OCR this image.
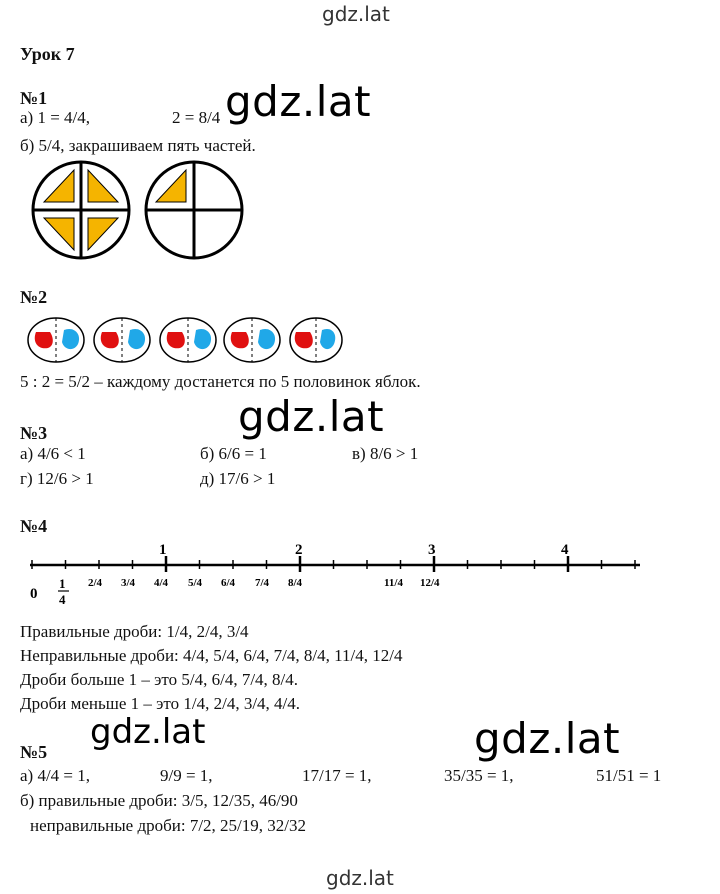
gdz.lat
gdz.lat
gdz.lat
gdz.lat	gdz.lat
gdz.lat
Урок 7
№1
а) 1 = 4/4,	2 = 8/4
б) 5/4, закрашиваем пять частей.
№2
5 : 2 = 5/2 – каждому достанется по 5 половинок яблок.
№3
а) 4/6 < 1	б) 6/6 = 1	в) 8/6 > 1
г) 12/6 > 1	д) 17/6 > 1
№4
0
1
4
1	2	3	4
2/4 3/4 4/4 5/4 6/4 7/4 8/4	11/4 12/4
Правильные дроби: 1/4, 2/4, 3/4
Неправильные дроби: 4/4, 5/4, 6/4, 7/4, 8/4, 11/4, 12/4
Дроби больше 1 – это 5/4, 6/4, 7/4, 8/4.
Дроби меньше 1 – это 1/4, 2/4, 3/4, 4/4.
№5
а) 4/4 = 1,	9/9 = 1,	17/17 = 1,	35/35 = 1,	51/51 = 1
б) правильные дроби: 3/5, 12/35, 46/90
неправильные дроби: 7/2, 25/19, 32/32
